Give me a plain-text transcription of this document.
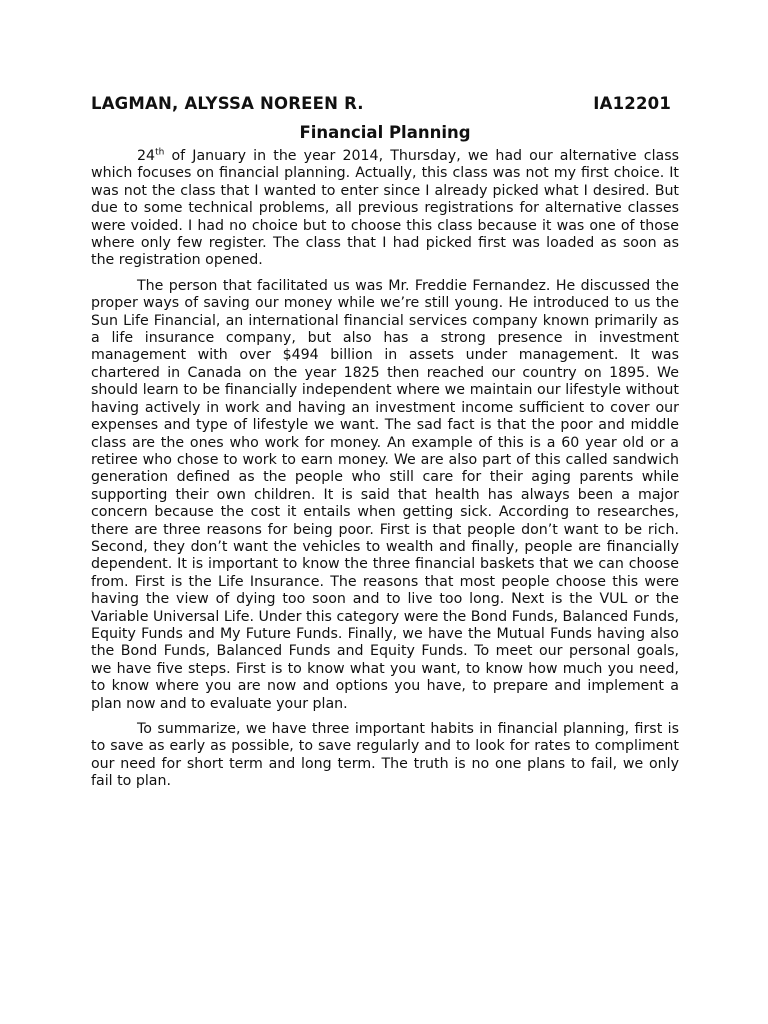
LAGMAN, ALYSSA NOREEN R.	IA12201
Financial Planning

24th of January in the year 2014, Thursday, we had our alternative class which focuses on financial planning. Actually, this class was not my first choice. It was not the class that I wanted to enter since I already picked what I desired. But due to some technical problems, all previous registrations for alternative classes were voided. I had no choice but to choose this class because it was one of those where only few register. The class that I had picked first was loaded as soon as the registration opened.

The person that facilitated us was Mr. Freddie Fernandez. He discussed the proper ways of saving our money while we’re still young. He introduced to us the Sun Life Financial, an international financial services company known primarily as a life insurance company, but also has a strong presence in investment management with over $494 billion in assets under management. It was chartered in Canada on the year 1825 then reached our country on 1895. We should learn to be financially independent where we maintain our lifestyle without having actively in work and having an investment income sufficient to cover our expenses and type of lifestyle we want. The sad fact is that the poor and middle class are the ones who work for money. An example of this is a 60 year old or a retiree who chose to work to earn money. We are also part of this called sandwich generation defined as the people who still care for their aging parents while supporting their own children. It is said that health has always been a major concern because the cost it entails when getting sick. According to researches, there are three reasons for being poor. First is that people don’t want to be rich. Second, they don’t want the vehicles to wealth and finally, people are financially dependent. It is important to know the three financial baskets that we can choose from. First is the Life Insurance. The reasons that most people choose this were having the view of dying too soon and to live too long. Next is the VUL or the Variable Universal Life. Under this category were the Bond Funds, Balanced Funds, Equity Funds and My Future Funds. Finally, we have the Mutual Funds having also the Bond Funds, Balanced Funds and Equity Funds. To meet our personal goals, we have five steps. First is to know what you want, to know how much you need, to know where you are now and options you have, to prepare and implement a plan now and to evaluate your plan.

To summarize, we have three important habits in financial planning, first is to save as early as possible, to save regularly and to look for rates to compliment our need for short term and long term. The truth is no one plans to fail, we only fail to plan.
